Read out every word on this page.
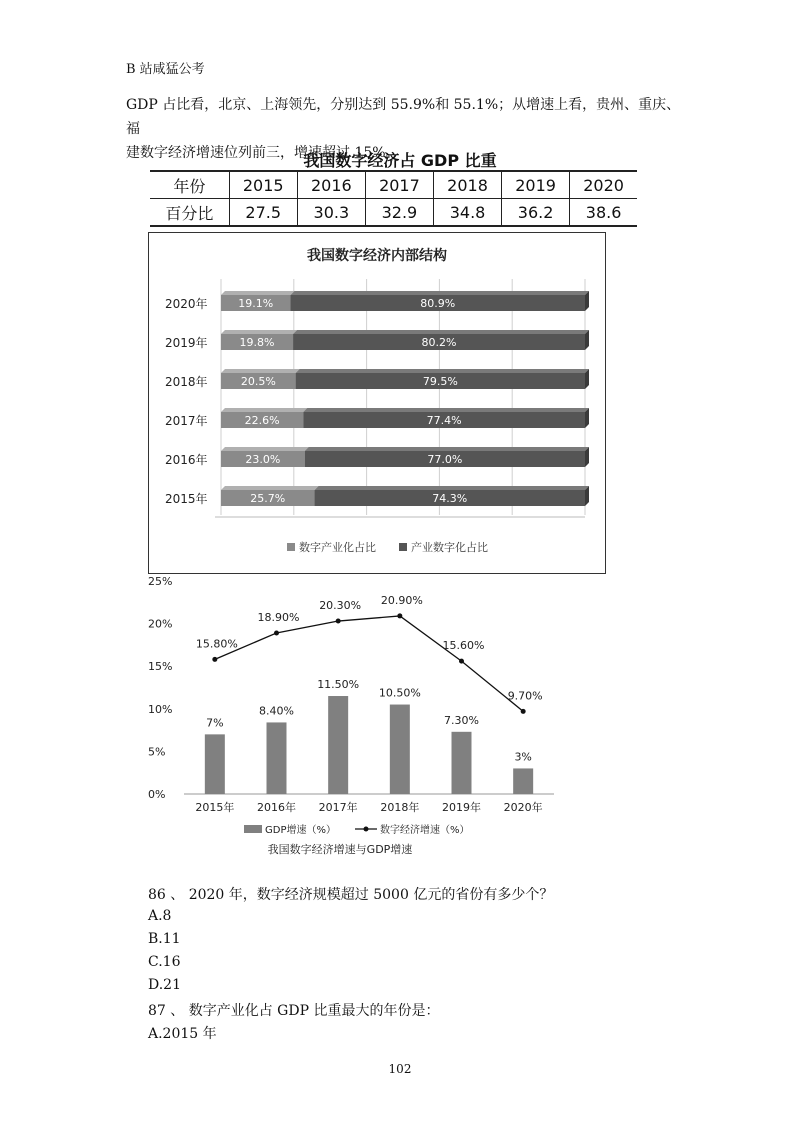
B 站咸猛公考
GDP 占比看，北京、上海领先，分别达到 55.9%和 55.1%；从增速上看，贵州、重庆、福
建数字经济增速位列前三，增速超过 15%。
我国数字经济占 GDP 比重
年份	2015	2016	2017	2018	2019	2020
百分比	27.5	30.3	32.9	34.8	36.2	38.6
我国数字经济内部结构
2020年	19.1%	80.9%
2019年	19.8%	80.2%
2018年	20.5%	79.5%
2017年	22.6%	77.4%
2016年	23.0%	77.0%
2015年	25.7%	74.3%
数字产业化占比	产业数字化占比
0%
5%
10%
15%
20%
25%
2015年
7%
2016年
8.40%
2017年
11.50%
2018年
10.50%
2019年
7.30%
2020年
3%
15.80%
18.90%
20.30% 20.90%
15.60%
9.70%
GDP增速（%）	数字经济增速（%）
我国数字经济增速与GDP增速
86 、 2020 年，数字经济规模超过 5000 亿元的省份有多少个？
A.8
B.11
C.16
D.21
87 、 数字产业化占 GDP 比重最大的年份是：
A.2015 年
102
